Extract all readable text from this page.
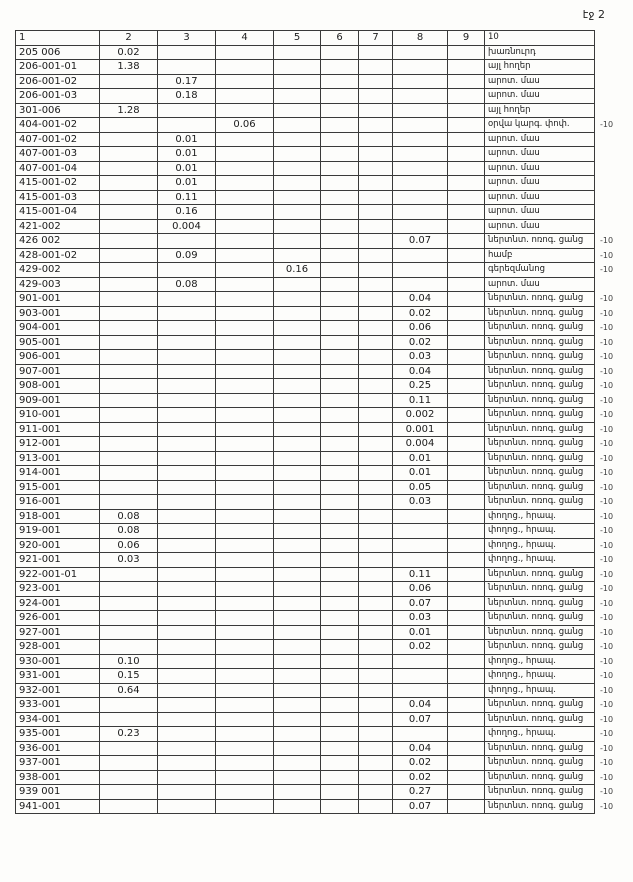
էջ 2
1	2	3	4	5	6	7	8	9	10	
205 006	0.02								խառնուրդ	
206-001-01	1.38								այլ հողեր	
206-001-02		0.17							արոտ. մաս	
206-001-03		0.18							արոտ. մաս	
301-006	1.28								այլ հողեր	
404-001-02			0.06						օրվա կարգ. փոփ.	-10
407-001-02		0.01							արոտ. մաս	
407-001-03		0.01							արոտ. մաս	
407-001-04		0.01							արոտ. մաս	
415-001-02		0.01							արոտ. մաս	
415-001-03		0.11							արոտ. մաս	
415-001-04		0.16							արոտ. մաս	
421-002		0.004							արոտ. մաս	
426 002							0.07		ներտնտ. ոռոգ. ցանց	-10
428-001-02		0.09							համբ	-10
429-002				0.16					գերեզմանոց	-10
429-003		0.08							արոտ. մաս	
901-001							0.04		ներտնտ. ոռոգ. ցանց	-10
903-001							0.02		ներտնտ. ոռոգ. ցանց	-10
904-001							0.06		ներտնտ. ոռոգ. ցանց	-10
905-001							0.02		ներտնտ. ոռոգ. ցանց	-10
906-001							0.03		ներտնտ. ոռոգ. ցանց	-10
907-001							0.04		ներտնտ. ոռոգ. ցանց	-10
908-001							0.25		ներտնտ. ոռոգ. ցանց	-10
909-001							0.11		ներտնտ. ոռոգ. ցանց	-10
910-001							0.002		ներտնտ. ոռոգ. ցանց	-10
911-001							0.001		ներտնտ. ոռոգ. ցանց	-10
912-001							0.004		ներտնտ. ոռոգ. ցանց	-10
913-001							0.01		ներտնտ. ոռոգ. ցանց	-10
914-001							0.01		ներտնտ. ոռոգ. ցանց	-10
915-001							0.05		ներտնտ. ոռոգ. ցանց	-10
916-001							0.03		ներտնտ. ոռոգ. ցանց	-10
918-001	0.08								փողոց., հրապ.	-10
919-001	0.08								փողոց., հրապ.	-10
920-001	0.06								փողոց., հրապ.	-10
921-001	0.03								փողոց., հրապ.	-10
922-001-01							0.11		ներտնտ. ոռոգ. ցանց	-10
923-001							0.06		ներտնտ. ոռոգ. ցանց	-10
924-001							0.07		ներտնտ. ոռոգ. ցանց	-10
926-001							0.03		ներտնտ. ոռոգ. ցանց	-10
927-001							0.01		ներտնտ. ոռոգ. ցանց	-10
928-001							0.02		ներտնտ. ոռոգ. ցանց	-10
930-001	0.10								փողոց., հրապ.	-10
931-001	0.15								փողոց., հրապ.	-10
932-001	0.64								փողոց., հրապ.	-10
933-001							0.04		ներտնտ. ոռոգ. ցանց	-10
934-001							0.07		ներտնտ. ոռոգ. ցանց	-10
935-001	0.23								փողոց., հրապ.	-10
936-001							0.04		ներտնտ. ոռոգ. ցանց	-10
937-001							0.02		ներտնտ. ոռոգ. ցանց	-10
938-001							0.02		ներտնտ. ոռոգ. ցանց	-10
939 001							0.27		ներտնտ. ոռոգ. ցանց	-10
941-001							0.07		ներտնտ. ոռոգ. ցանց	-10
